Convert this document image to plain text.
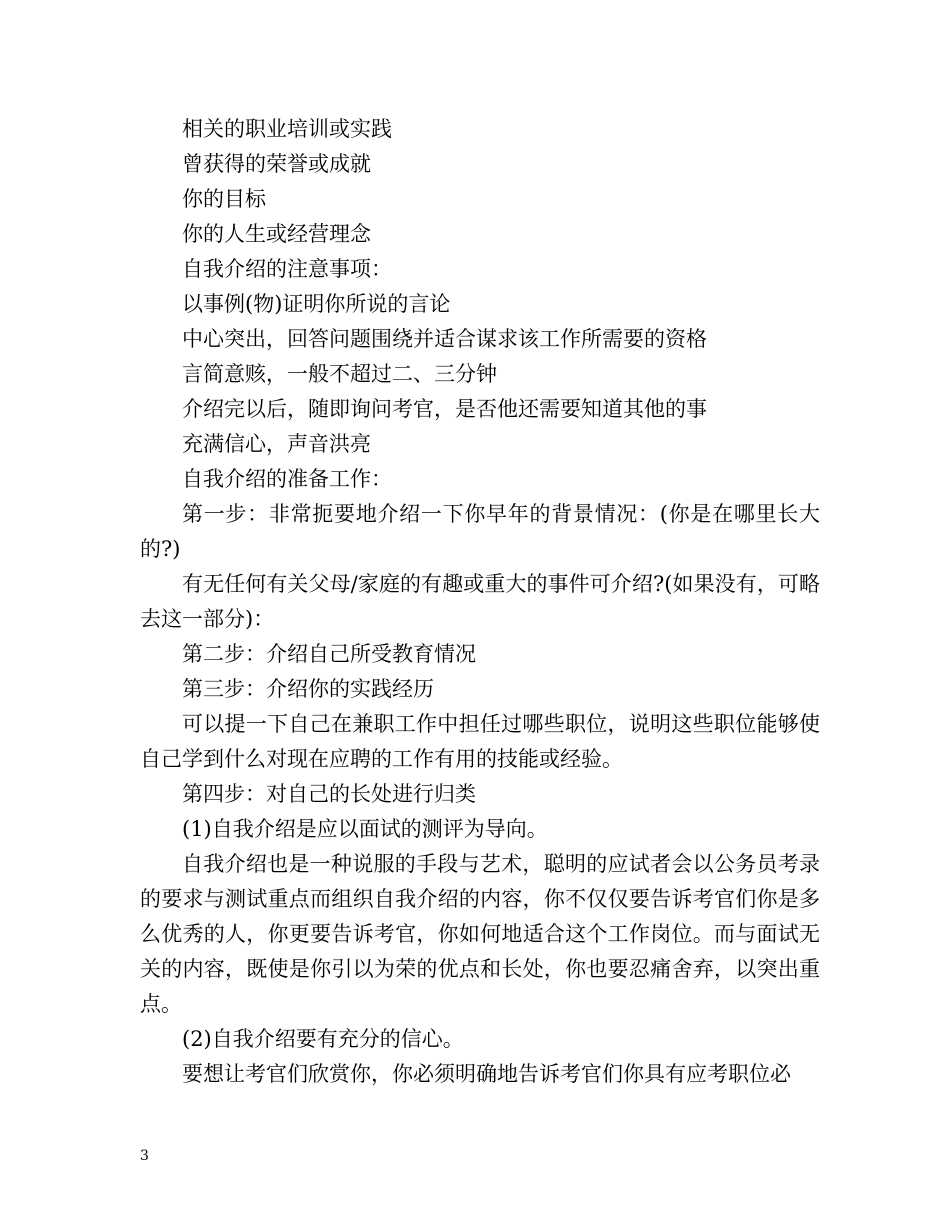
相关的职业培训或实践

曾获得的荣誉或成就

你的目标

你的人生或经营理念

自我介绍的注意事项：

以事例(物)证明你所说的言论

中心突出，回答问题围绕并适合谋求该工作所需要的资格

言简意赅，一般不超过二、三分钟

介绍完以后，随即询问考官，是否他还需要知道其他的事

充满信心，声音洪亮

自我介绍的准备工作：

第一步：非常扼要地介绍一下你早年的背景情况：(你是在哪里长大的?)

有无任何有关父母/家庭的有趣或重大的事件可介绍?(如果没有，可略去这一部分)：

第二步：介绍自己所受教育情况

第三步：介绍你的实践经历

可以提一下自己在兼职工作中担任过哪些职位，说明这些职位能够使自己学到什么对现在应聘的工作有用的技能或经验。

第四步：对自己的长处进行归类

(1)自我介绍是应以面试的测评为导向。

自我介绍也是一种说服的手段与艺术，聪明的应试者会以公务员考录的要求与测试重点而组织自我介绍的内容，你不仅仅要告诉考官们你是多么优秀的人，你更要告诉考官，你如何地适合这个工作岗位。而与面试无关的内容，既使是你引以为荣的优点和长处，你也要忍痛舍弃，以突出重点。

(2)自我介绍要有充分的信心。

要想让考官们欣赏你，你必须明确地告诉考官们你具有应考职位必

3
